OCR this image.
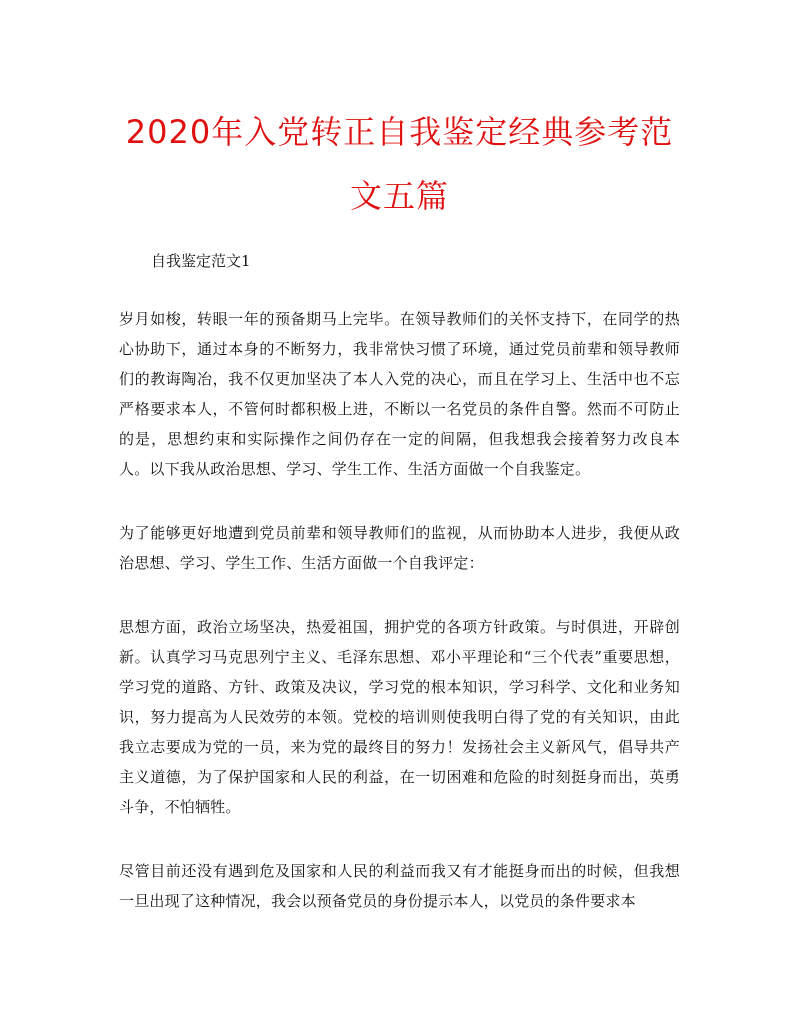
2020年入党转正自我鉴定经典参考范文五篇
自我鉴定范文1

岁月如梭，转眼一年的预备期马上完毕。在领导教师们的关怀支持下，在同学的热心协助下，通过本身的不断努力，我非常快习惯了环境，通过党员前辈和领导教师们的教诲陶冶，我不仅更加坚决了本人入党的决心，而且在学习上、生活中也不忘严格要求本人，不管何时都积极上进，不断以一名党员的条件自警。然而不可防止的是，思想约束和实际操作之间仍存在一定的间隔，但我想我会接着努力改良本人。以下我从政治思想、学习、学生工作、生活方面做一个自我鉴定。

为了能够更好地遭到党员前辈和领导教师们的监视，从而协助本人进步，我便从政治思想、学习、学生工作、生活方面做一个自我评定：

思想方面，政治立场坚决，热爱祖国，拥护党的各项方针政策。与时俱进，开辟创新。认真学习马克思列宁主义、毛泽东思想、邓小平理论和“三个代表”重要思想，学习党的道路、方针、政策及决议，学习党的根本知识，学习科学、文化和业务知识，努力提高为人民效劳的本领。党校的培训则使我明白得了党的有关知识，由此我立志要成为党的一员，来为党的最终目的努力！发扬社会主义新风气，倡导共产主义道德，为了保护国家和人民的利益，在一切困难和危险的时刻挺身而出，英勇斗争，不怕牺牲。

尽管目前还没有遇到危及国家和人民的利益而我又有才能挺身而出的时候，但我想一旦出现了这种情况，我会以预备党员的身份提示本人，以党员的条件要求本
